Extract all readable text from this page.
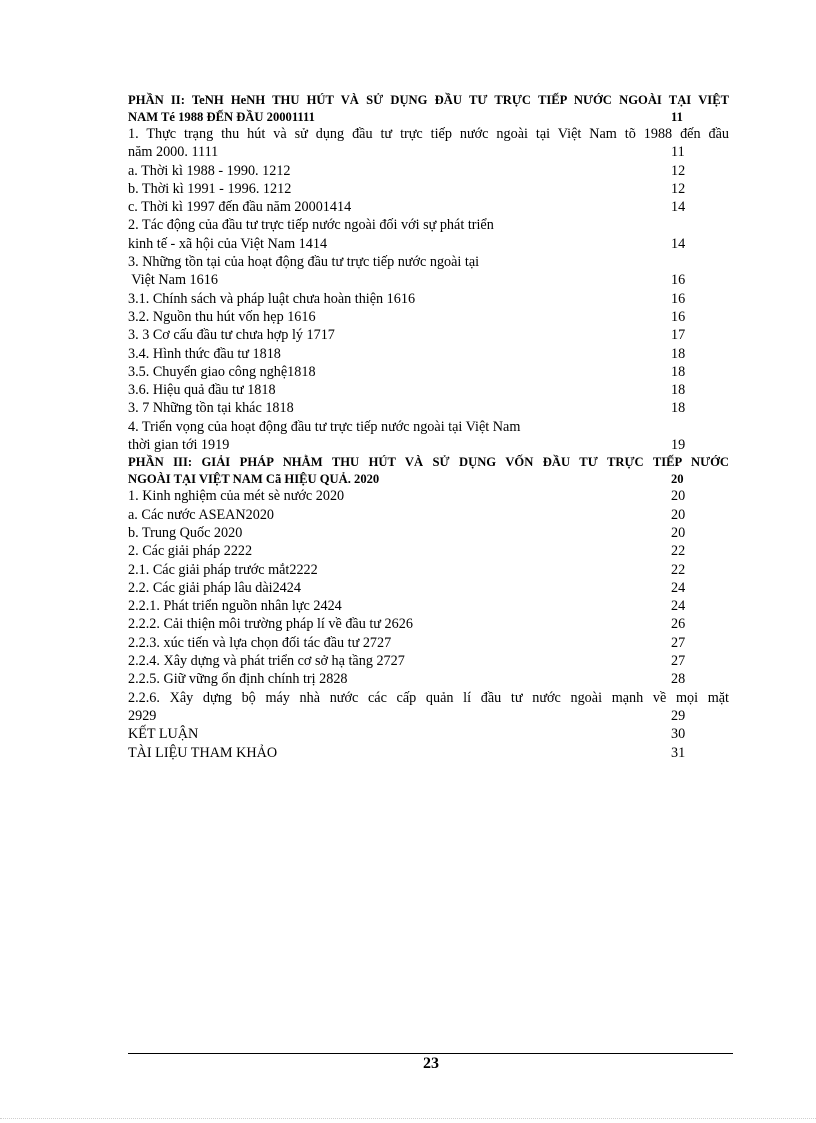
PHẦN II: TeNH HeNH THU HÚT VÀ SỬ DỤNG ĐẦU TƯ TRỰC TIẾP NƯỚC NGOÀI TẠI VIỆT
NAM Té 1988 ĐẾN ĐẦU 20001111	11
1. Thực trạng thu hút và sử dụng đầu tư trực tiếp nước ngoài tại Việt Nam tõ 1988 đến đầu
năm 2000. 1111	11
a. Thời kì 1988 - 1990. 1212	12
b. Thời kì 1991 - 1996. 1212	12
c. Thời kì 1997 đến đầu năm 20001414	14
2. Tác động của đầu tư trực tiếp nước ngoài đối với sự phát triển
kinh tế - xã hội của Việt Nam 1414	14
3. Những tồn tại của hoạt động đầu tư trực tiếp nước ngoài tại
Việt Nam 1616	16
3.1. Chính sách và pháp luật chưa hoàn thiện 1616	16
3.2. Nguồn thu hút vốn hẹp 1616	16
3. 3 Cơ cấu đầu tư chưa hợp lý 1717	17
3.4. Hình thức đầu tư 1818	18
3.5. Chuyển giao công nghệ1818	18
3.6. Hiệu quả đầu tư 1818	18
3. 7 Những tồn tại khác 1818	18
4. Triển vọng của hoạt động đầu tư trực tiếp nước ngoài tại Việt Nam
thời gian tới 1919	19
PHẦN III: GIẢI PHÁP NHẰM THU HÚT VÀ SỬ DỤNG VỐN ĐẦU TƯ TRỰC TIẾP NƯỚC
NGOÀI TẠI VIỆT NAM Cã HIỆU QUẢ. 2020	20
1. Kinh nghiệm của mét sè nước 2020	20
a. Các nước ASEAN2020	20
b. Trung Quốc 2020	20
2. Các giải pháp 2222	22
2.1. Các giải pháp trước mắt2222	22
2.2. Các giải pháp lâu dài2424	24
2.2.1. Phát triển nguồn nhân lực 2424	24
2.2.2. Cải thiện môi trường pháp lí về đầu tư 2626	26
2.2.3. xúc tiến và lựa chọn đối tác đầu tư 2727	27
2.2.4. Xây dựng và phát triển cơ sở hạ tầng 2727	27
2.2.5. Giữ vững ổn định chính trị 2828	28
2.2.6. Xây dựng bộ máy nhà nước các cấp quản lí đầu tư nước ngoài mạnh về mọi mặt
2929	29
KẾT LUẬN	30
TÀI LIỆU THAM KHẢO	31
23
